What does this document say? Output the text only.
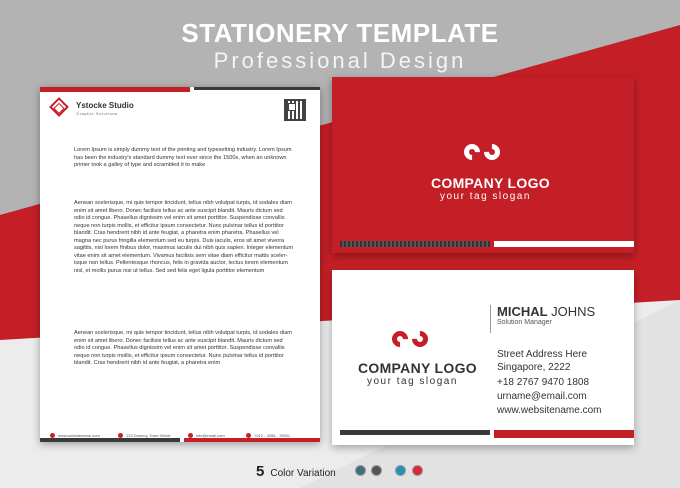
STATIONERY TEMPLATE
Professional Design
Ystocke Studio
Graphic Solutions
Lorem Ipsum is simply dummy text of the printing and typesetting industry. Lorem Ipsum has been the industry's standard dummy text ever since the 1500s, when an unknown printer took a galley of type and scrambled it to make
Aenean scelerisque, mi quis tempor tincidunt, tellus nibh volutpat turpis, id sodales diam enim sit amet libero. Donec facilisis tellus ac ante suscipit blandit. Mauris dictum sed odio id congue. Phasellus dignissim vel enim sit amet porttitor. Suspendisse convallis neque non turpis mollis, et efficitur ipsum consectetur. Nunc pulvinar tellus id porttitor blandit. Cras hendrerit nibh id ante feugiat, a pharetra enim pharetra. Phasellus vel magna nec purus fringilla elementum sed eu turpis. Duis iaculis, eros sit amet viverra sagittis, nisi lorem finibus dolor, maximus iaculis dui nibh quis sapien. Integer elementum vitae enim sit amet elementum. Vivamus facilisis sem vitae diam efficitur mattis sceler-isque non tellus. Pellentesque rhoncus, felis in gravida auctor, lectus lorem elementum nisl, et mollis purus nisi ut tellus. Sed sed felis eget ligula porttitor elementum
Aenean scelerisque, mi quis tempor tincidunt, tellus nibh volutpat turpis, id sodales diam enim sit amet libero. Donec facilisis tellus ac ante suscipit blandit. Mauris dictum sed odio id congue. Phasellus dignissim vel enim sit amet porttitor. Suspendisse convallis neque non turpis mollis, et efficitur ipsum consectetur. Nunc pulvinar tellus id porttitor blandit. Cras hendrerit nibh id ante feugiat, a pharetra enim
www.websitename.com	123 Dummy, Town Street	info@email.com	+012 - 3456 - 78901
COMPANY LOGO
your tag slogan
COMPANY LOGO
your tag slogan
MICHAL JOHNS
Solution Manager
Street Address Here
Singapore, 2222
+18 2767 9470 1808
urname@email.com
www.websitename.com
5 Color Variation
